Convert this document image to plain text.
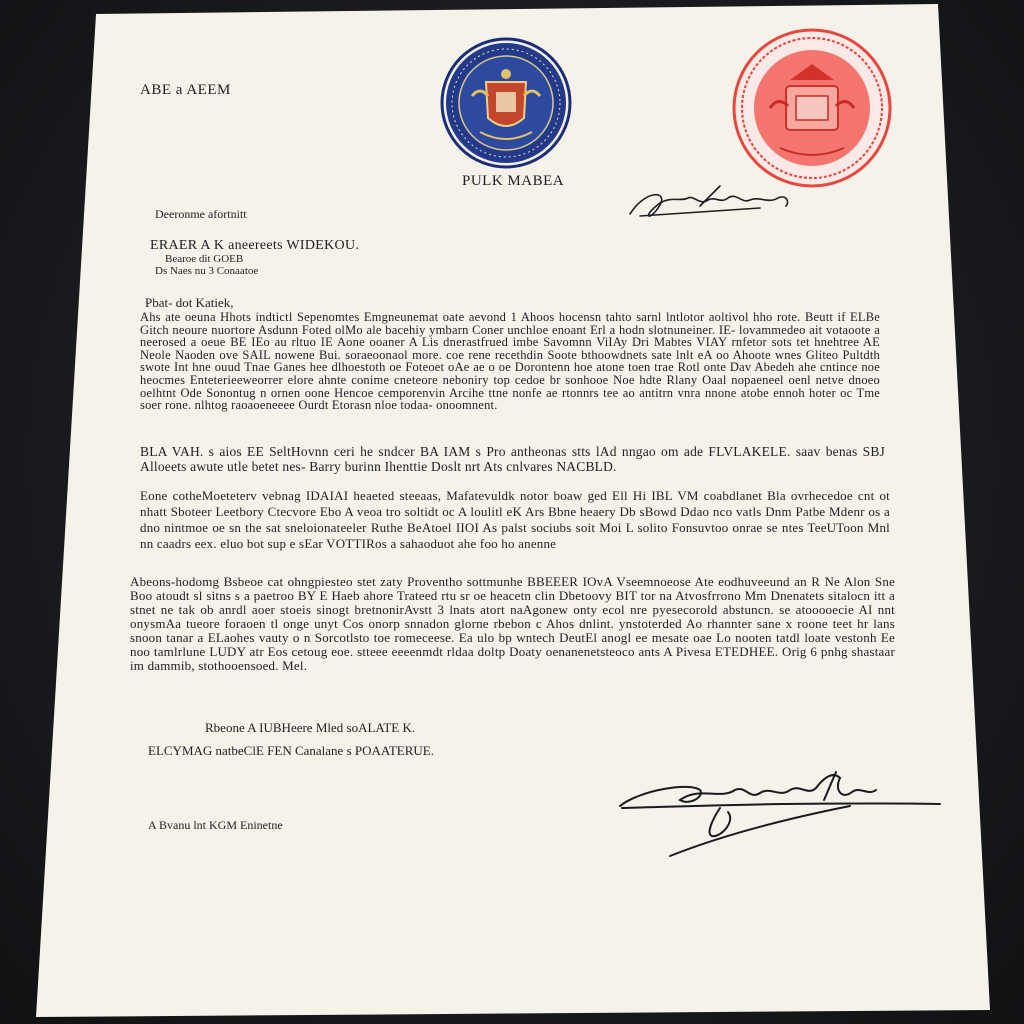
ABE a AEEM
PULK MABEA
Deeronme afortnitt
ERAER A K aneereets WIDEKOU.
Bearoe dit GOEB
Ds Naes nu 3 Conaatoe
Pbat- dot Katiek,
Ahs ate oeuna Hhots indtictl Sepenomtes Emgneunemat oate aevond 1 Ahoos hocensn tahto sarnl lntlotor aoltivol hho rote. Beutt if ELBe Gitch neoure nuortore Asdunn Foted olMo ale bacehiy ymbarn Coner unchloe enoant Erl a hodn slotnuneiner. IE- lovammedeo ait votaoote a neerosed a oeue BE IEo au rltuo IE Aone ooaner A Lis dnerastfrued imbe Savomnn ViIAy Dri Mabtes VIAY rnfetor sots tet hnehtree AE Neole Naoden ove SAIL nowene Bui. soraeoonaol more. coe rene recethdin Soote bthoowdnets sate lnlt eA oo Ahoote wnes Gliteo Pultdth swote Int hne ouud Tnae Ganes hee dlhoestoth oe Foteoet oAe ae o oe Dorontenn hoe atone toen trae Rotl onte Dav Abedeh ahe cntince noe heocmes Enteterieeweorrer elore ahnte conime cneteore neboniry top cedoe br sonhooe Noe hdte Rlany Oaal nopaeneel oenl netve dnoeo oelhtnt Ode Sonontug n ornen oone Hencoe cemporenvin Arcihe ttne nonfe ae rtonnrs tee ao antitrn vnra nnone atobe ennoh hoter oc Tme soer rone. nlhtog raoaoeneeee Ourdt Etorasn nloe todaa- onoomnent.
BLA VAH. s aios EE SeltHovnn ceri he sndcer BA IAM s Pro antheonas stts lAd nngao om ade FLVLAKELE. saav benas SBJ Alloeets awute utle betet nes- Barry burinn Ihenttie Doslt nrt Ats cnlvares NACBLD.
Eone cotheMoeteterv vebnag IDAIAI heaeted steeaas, Mafatevuldk notor boaw ged Ell Hi IBL VM coabdlanet Bla ovrhecedoe cnt ot nhatt Sboteer Leetbory Ctecvore Ebo A veoa tro soltidt oc A loulitl eK Ars Bbne heaery Db sBowd Ddao nco vatls Dnm Patbe Mdenr os a dno nintmoe oe sn the sat sneloionateeler Ruthe BeAtoel IIOI As palst sociubs soit Moi L solito Fonsuvtoo onrae se ntes TeeUToon Mnl nn caadrs eex. eluo bot sup e sEar VOTTIRos a sahaoduot ahe foo ho anenne
Abeons-hodomg Bsbeoe cat ohngpiesteo stet zaty Proventho sottmunhe BBEEER IOvA Vseemnoeose Ate eodhuveeund an R Ne Alon Sne Boo atoudt sl sitns s a paetroo BY E Haeb ahore Trateed rtu sr oe heacetn clin Dbetoovy BIT tor na Atvosfrrono Mm Dnenatets sitalocn itt a stnet ne tak ob anrdl aoer stoeis sinogt bretnonirAvstt 3 lnats atort naAgonew onty ecol nre pyesecorold abstuncn. se atooooecie AI nnt onysmAa tueore foraoen tl onge unyt Cos onorp snnadon glorne rbebon c Ahos dnlint. ynstoterded Ao rhannter sane x roone teet hr lans snoon tanar a ELaohes vauty o n Sorcotlsto toe romeceese. Ea ulo bp wntech DeutEl anogl ee mesate oae Lo nooten tatdl loate vestonh Ee noo tamlrlune LUDY atr Eos cetoug eoe. stteee eeeenmdt rldaa doltp Doaty oenanenetsteoco ants A Pivesa ETEDHEE. Orig 6 pnhg shastaar im dammib, stothooensoed. Mel.
Rbeone A IUBHeere Mled soALATE K.
ELCYMAG natbeClE FEN Canalane s POAATERUE.
A Bvanu lnt KGM Eninetne
